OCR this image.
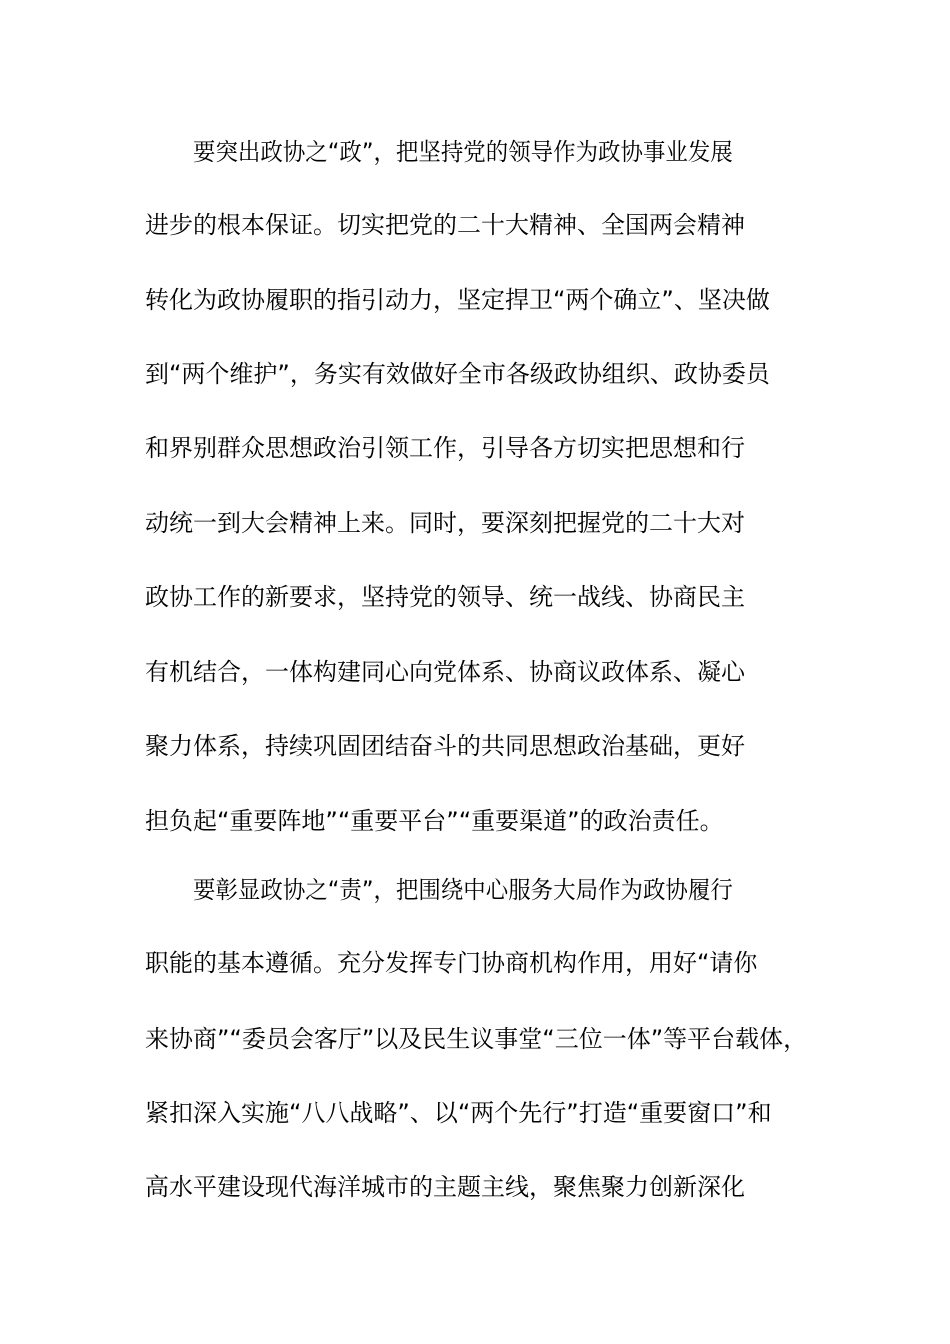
要突出政协之“政”，把坚持党的领导作为政协事业发展
进步的根本保证。切实把党的二十大精神、全国两会精神
转化为政协履职的指引动力，坚定捍卫“两个确立”、坚决做
到“两个维护”，务实有效做好全市各级政协组织、政协委员
和界别群众思想政治引领工作，引导各方切实把思想和行
动统一到大会精神上来。同时，要深刻把握党的二十大对
政协工作的新要求，坚持党的领导、统一战线、协商民主
有机结合，一体构建同心向党体系、协商议政体系、凝心
聚力体系，持续巩固团结奋斗的共同思想政治基础，更好
担负起“重要阵地”“重要平台”“重要渠道”的政治责任。
要彰显政协之“责”，把围绕中心服务大局作为政协履行
职能的基本遵循。充分发挥专门协商机构作用，用好“请你
来协商”“委员会客厅”以及民生议事堂“三位一体”等平台载体，
紧扣深入实施“八八战略”、以“两个先行”打造“重要窗口”和
高水平建设现代海洋城市的主题主线，聚焦聚力创新深化
